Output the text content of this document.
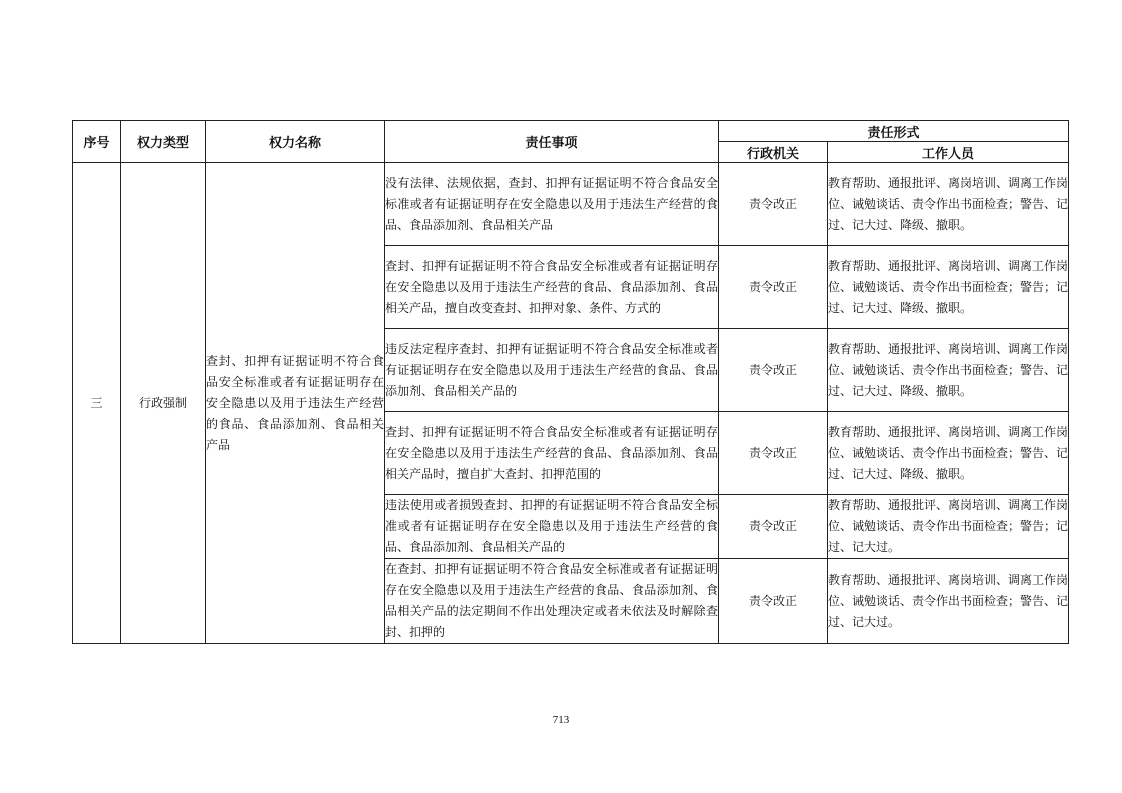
序号	权力类型	权力名称	责任事项	责任形式	
				行政机关	工作人员
三	行政强制	查封、扣押有证据证明不符合食品安全标准或者有证据证明存在安全隐患以及用于违法生产经营的食品、食品添加剂、食品相关产品	没有法律、法规依据，查封、扣押有证据证明不符合食品安全标准或者有证据证明存在安全隐患以及用于违法生产经营的食品、食品添加剂、食品相关产品	责令改正	教育帮助、通报批评、离岗培训、调离工作岗位、诫勉谈话、责令作出书面检查；警告、记过、记大过、降级、撤职。
			查封、扣押有证据证明不符合食品安全标准或者有证据证明存在安全隐患以及用于违法生产经营的食品、食品添加剂、食品相关产品，擅自改变查封、扣押对象、条件、方式的	责令改正	教育帮助、通报批评、离岗培训、调离工作岗位、诫勉谈话、责令作出书面检查；警告；记过、记大过、降级、撤职。
			违反法定程序查封、扣押有证据证明不符合食品安全标准或者有证据证明存在安全隐患以及用于违法生产经营的食品、食品添加剂、食品相关产品的	责令改正	教育帮助、通报批评、离岗培训、调离工作岗位、诫勉谈话、责令作出书面检查；警告、记过、记大过、降级、撤职。
			查封、扣押有证据证明不符合食品安全标准或者有证据证明存在安全隐患以及用于违法生产经营的食品、食品添加剂、食品相关产品时，擅自扩大查封、扣押范围的	责令改正	教育帮助、通报批评、离岗培训、调离工作岗位、诫勉谈话、责令作出书面检查；警告、记过、记大过、降级、撤职。
			违法使用或者损毁查封、扣押的有证据证明不符合食品安全标准或者有证据证明存在安全隐患以及用于违法生产经营的食品、食品添加剂、食品相关产品的	责令改正	教育帮助、通报批评、离岗培训、调离工作岗位、诫勉谈话、责令作出书面检查；警告；记过、记大过。
			在查封、扣押有证据证明不符合食品安全标准或者有证据证明存在安全隐患以及用于违法生产经营的食品、食品添加剂、食品相关产品的法定期间不作出处理决定或者未依法及时解除查封、扣押的	责令改正	教育帮助、通报批评、离岗培训、调离工作岗位、诫勉谈话、责令作出书面检查；警告、记过、记大过。
713
